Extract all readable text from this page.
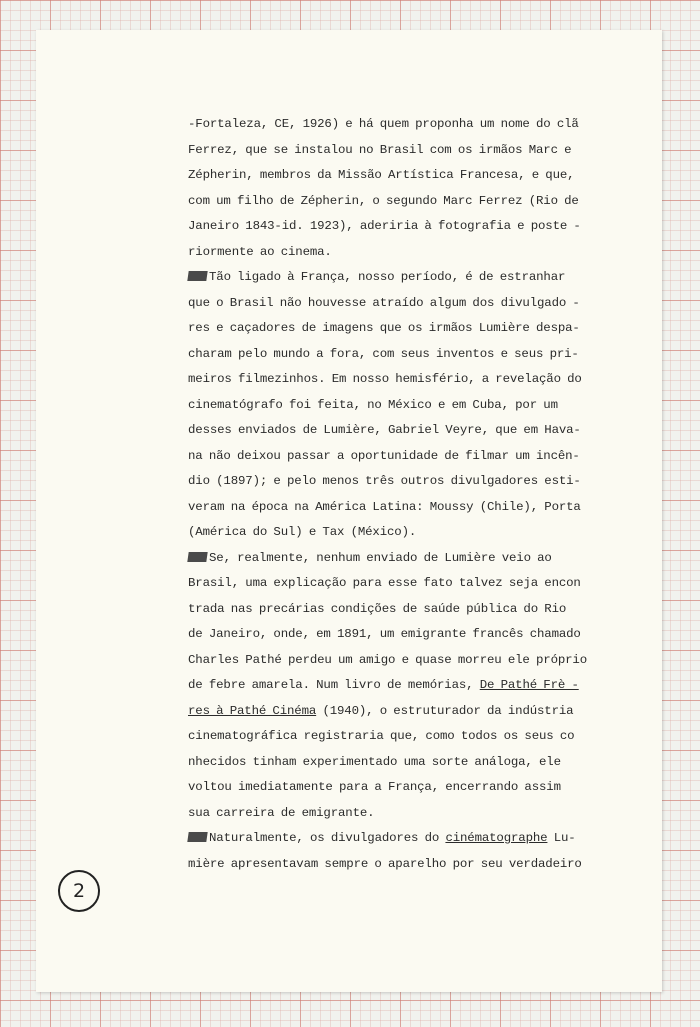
-Fortaleza, CE, 1926) e há quem proponha um nome do clã
Ferrez, que se instalou no Brasil com os irmãos Marc e
Zépherin, membros da Missão Artística Francesa, e que,
com um filho de Zépherin, o segundo Marc Ferrez (Rio de
Janeiro 1843-id. 1923), aderiria à fotografia e poste -
riormente ao cinema.
Tão ligado à França, nosso período, é de estranhar
que o Brasil não houvesse atraído algum dos divulgado -
res e caçadores de imagens que os irmãos Lumière despa-
charam pelo mundo a fora, com seus inventos e seus pri-
meiros filmezinhos. Em nosso hemisfério, a revelação do
cinematógrafo foi feita, no México e em Cuba, por um
desses enviados de Lumière, Gabriel Veyre, que em Hava-
na não deixou passar a oportunidade de filmar um incên-
dio (1897); e pelo menos três outros divulgadores esti-
veram na época na América Latina: Moussy (Chile), Porta
(América do Sul) e Tax (México).
Se, realmente, nenhum enviado de Lumière veio ao
Brasil, uma explicação para esse fato talvez seja encon
trada nas precárias condições de saúde pública do Rio
de Janeiro, onde, em 1891, um emigrante francês chamado
Charles Pathé perdeu um amigo e quase morreu ele próprio
de febre amarela. Num livro de memórias, De Pathé Frè -
res à Pathé Cinéma (1940), o estruturador da indústria
cinematográfica registraria que, como todos os seus co
nhecidos tinham experimentado uma sorte análoga, ele
voltou imediatamente para a França, encerrando assim
sua carreira de emigrante.
Naturalmente, os divulgadores do cinématographe Lu-
mière apresentavam sempre o aparelho por seu verdadeiro
2
